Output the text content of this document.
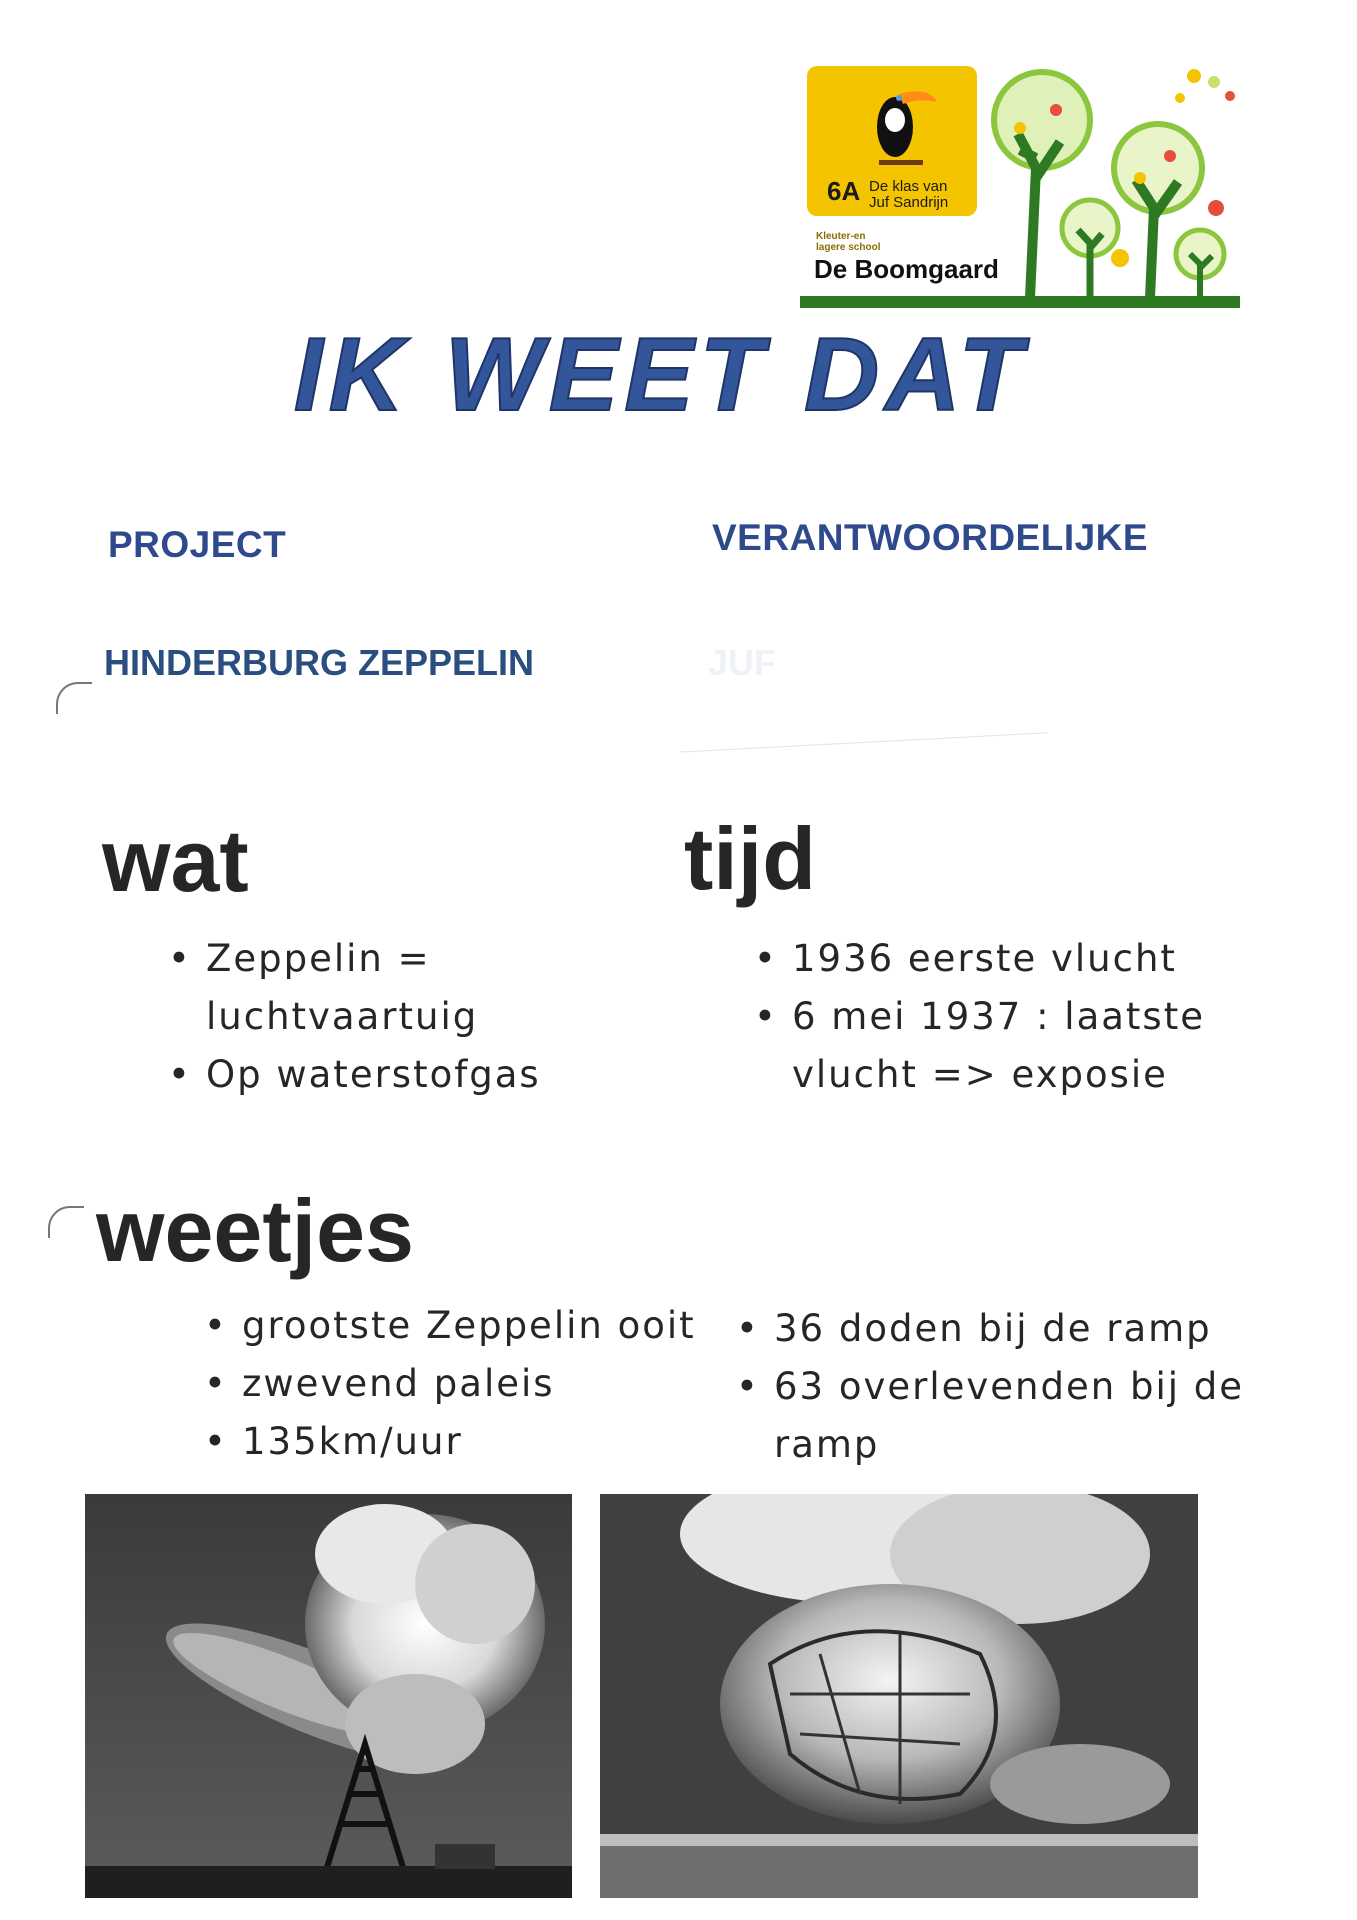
6A De klas van
Juf Sandrijn
Kleuter-en
lagere school
De Boomgaard
IK WEET DAT
PROJECT	VERANTWOORDELIJKE
HINDERBURG ZEPPELIN	JUF
wat
• Zeppelin =
luchtvaartuig
• Op waterstofgas
tijd
• 1936 eerste vlucht
• 6 mei 1937 : laatste
vlucht => exposie
weetjes
• grootste Zeppelin ooit
• zwevend paleis
• 135km/uur
• 36 doden bij de ramp
• 63 overlevenden bij de
ramp
